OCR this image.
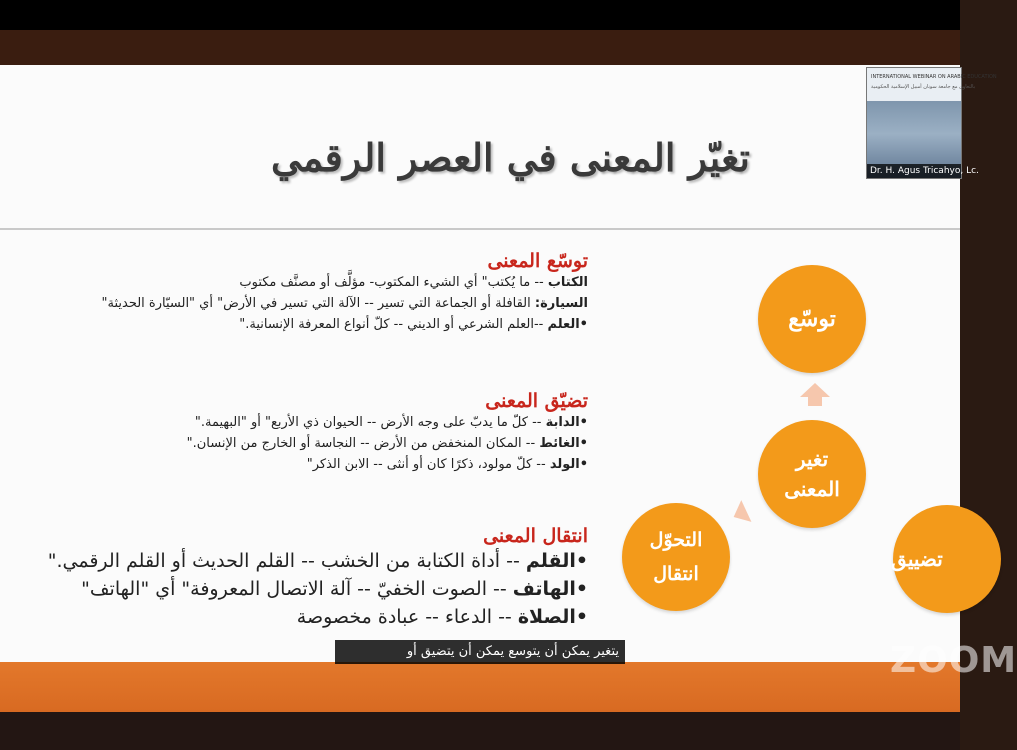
تغيّر المعنى في العصر الرقمي
INTERNATIONAL WEBINAR ON ARABIC EDUCATION
بالتعاون مع جامعة سونان أمبيل الإسلامية الحكومية
Dr. H. Agus Tricahyo, Lc.
توسّع المعنى
الكتاب -- ما يُكتب" أي الشيء المكتوب- مؤلَّف أو مصنَّف مكتوب
السيارة: القافلة أو الجماعة التي تسير -- الآلة التي تسير في الأرض" أي "السيّارة الحديثة"
•العلم --العلم الشرعي أو الديني -- كلّ أنواع المعرفة الإنسانية."
تضيّق المعنى
•الدابة -- كلّ ما يدبّ على وجه الأرض -- الحيوان ذي الأربع" أو "البهيمة."
•الغائط -- المكان المنخفض من الأرض -- النجاسة أو الخارج من الإنسان."
•الولد -- كلّ مولود، ذكرًا كان أو أنثى -- الابن الذكر"
انتقال المعنى
•القلم -- أداة الكتابة من الخشب -- القلم الحديث أو القلم الرقمي."
•الهاتف -- الصوت الخفيّ -- آلة الاتصال المعروفة" أي "الهاتف"
•الصلاة -- الدعاء -- عبادة مخصوصة
توسّع
تغير
المعنى
التحوّل
انتقال
تضييق
يتغير يمكن أن يتوسع يمكن أن يتضيق أو	ZOOM
